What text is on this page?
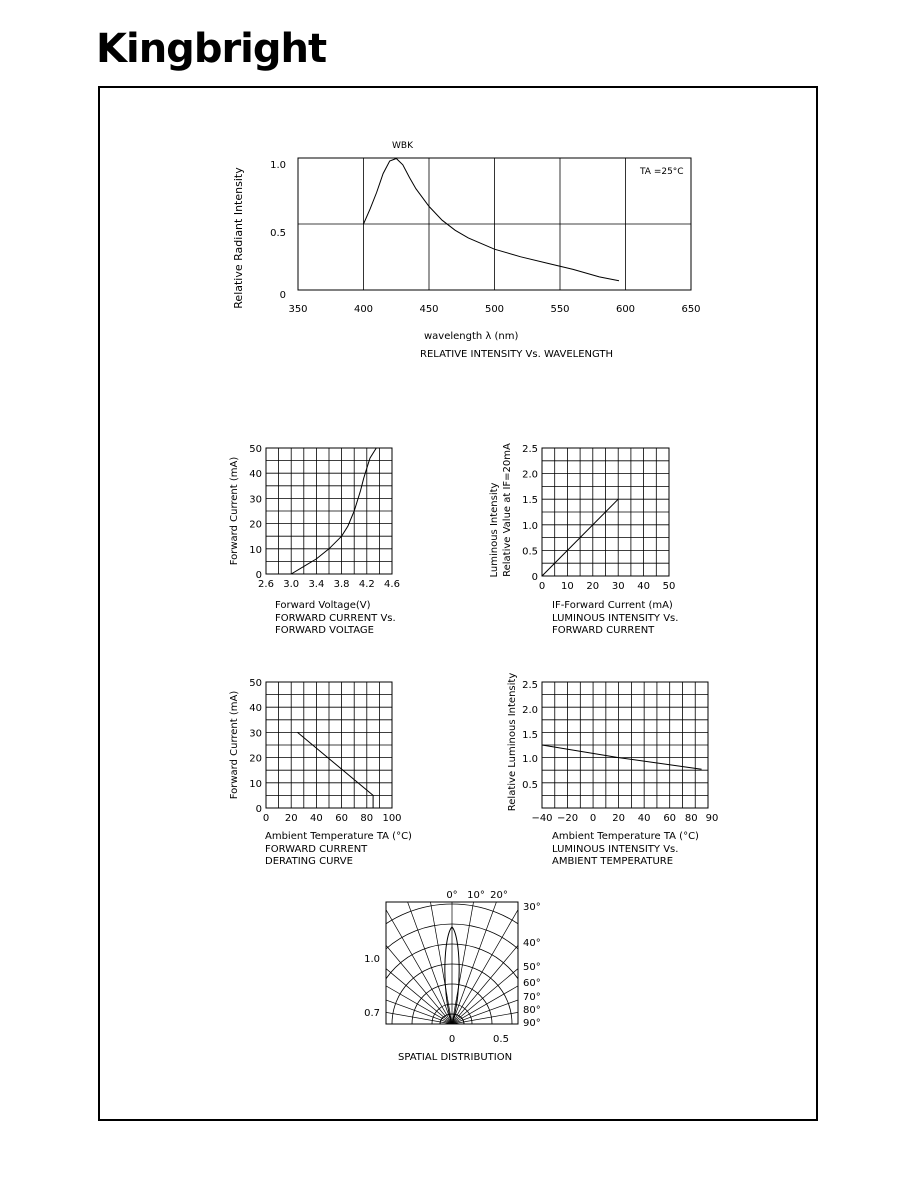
Kingbright
350	400	450	500	550	600	650
0
0.5
1.0
Relative Radiant Intensity
2.6 3.0 3.4 3.8 4.2 4.6
0
10
20
30
40
50
Forward Current (mA)
0 10 20 30 40 50
0
0.5
1.0
1.5
2.0
2.5
Luminous Intensity Relative Value at IF=20mA
0 20 40 60 80 100
0
10
20
30
40
50
Forward Current (mA)
−40 −20 0 20 40 60 80 90
0.5
1.0
1.5
2.0
2.5
Relative Luminous Intensity
0° 10° 20°
30°
40°
50°
60°
70°
80°
90°
1.0
0.7
0	0.5
WBK
TA =25°C
wavelength λ (nm)
RELATIVE INTENSITY Vs. WAVELENGTH
Forward Voltage(V)
FORWARD CURRENT Vs.
FORWARD VOLTAGE
IF-Forward Current (mA)
LUMINOUS INTENSITY Vs.
FORWARD CURRENT
Ambient Temperature TA (°C)
FORWARD CURRENT
DERATING CURVE
Ambient Temperature TA (°C)
LUMINOUS INTENSITY Vs.
AMBIENT TEMPERATURE
SPATIAL DISTRIBUTION
